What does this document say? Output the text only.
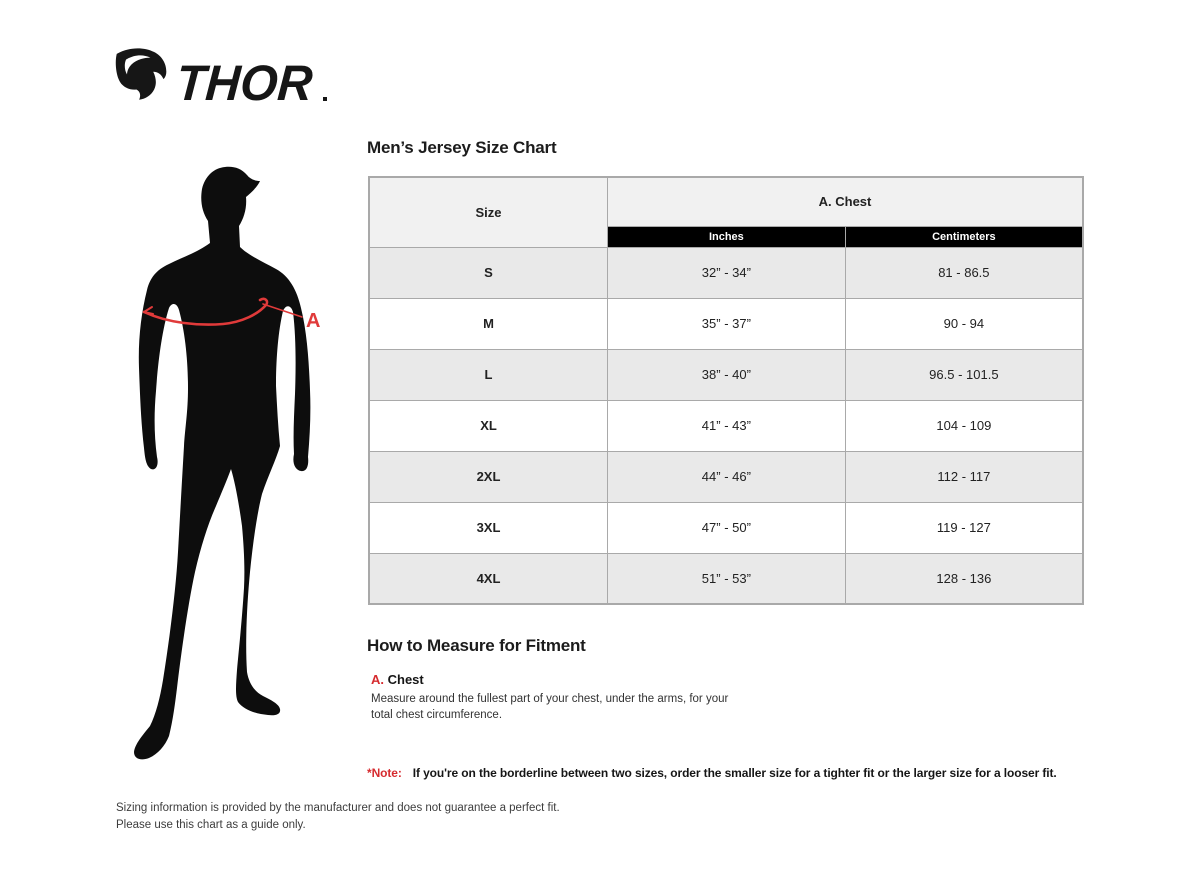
THOR
A
Men’s Jersey Size Chart
Size	A. Chest	
	Inches	Centimeters
S	32” - 34”	81 - 86.5
M	35” - 37”	90 - 94
L	38” - 40”	96.5 - 101.5
XL	41” - 43”	104 - 109
2XL	44” - 46”	112 - 117
3XL	47” - 50”	119 - 127
4XL	51” - 53”	128 - 136
How to Measure for Fitment
A. Chest

Measure around the fullest part of your chest, under the arms, for your total chest circumference.

*Note: If you're on the borderline between two sizes, order the smaller size for a tighter fit or the larger size for a looser fit.
Sizing information is provided by the manufacturer and does not guarantee a perfect fit.
Please use this chart as a guide only.
